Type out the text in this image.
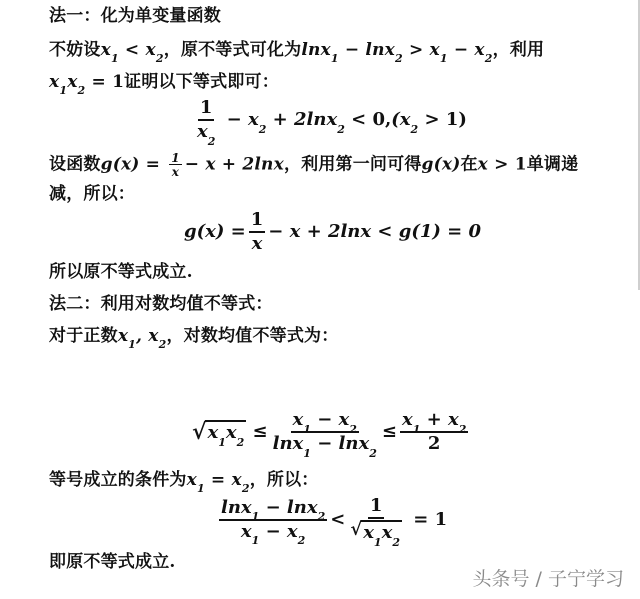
法一：化为单变量函数
不妨设$x_1 < x_2$，原不等式可化为$\ln x_1 - \ln x_2 > x_1 - x_2$，利用
$x_1x_2 = 1$证明以下等式即可：
$\frac{1}{x_2} - x_2 + 2\ln x_2 < 0,(x_2 > 1)$
设函数$g(x) = \frac{1}{x} - x + 2\ln x$，利用第一问可得g(x)在x > 1单调递
减，所以：
$g(x) = \frac{1}{x} - x + 2\ln x < g(1) = 0$
所以原不等式成立.
法二：利用对数均值不等式：
对于正数$x_1$, $x_2$，对数均值不等式为：
√ $x_1x_2$
≤ $\frac{x_1 - x_2}{\ln x_1 - \ln x_2} \le \frac{x_1 + x_2}{2}$
等号成立的条件为$x_1 = x_2$，所以：
$\frac{\ln x_1 - \ln x_2}{x_1 - x_2} < \frac{1}{√ x_1x_2} = 1$
即原不等式成立.
头条号 / 子宁学习
